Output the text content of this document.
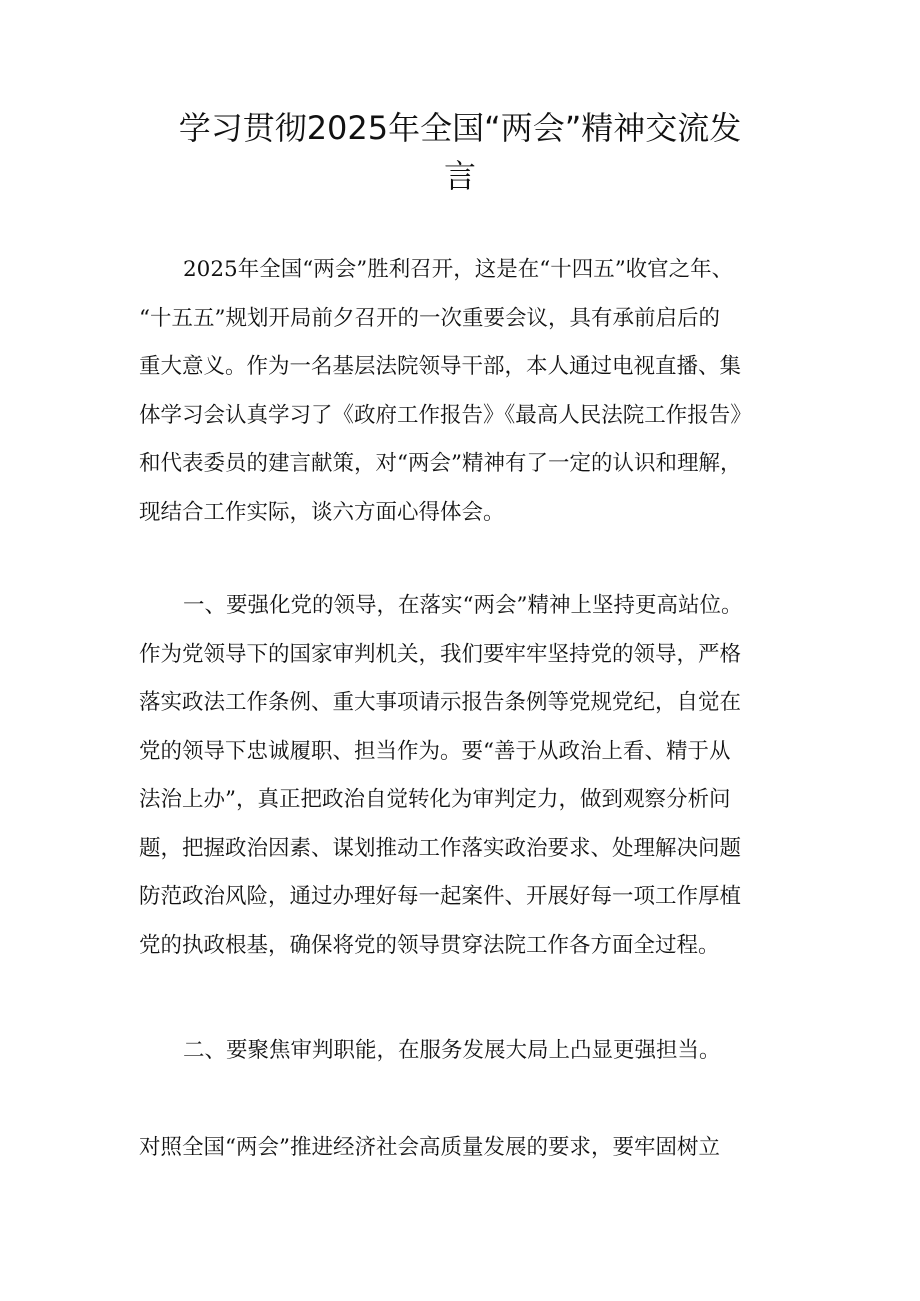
学习贯彻2025年全国“两会”精神交流发
言
2025年全国“两会”胜利召开，这是在“十四五”收官之年、
“十五五”规划开局前夕召开的一次重要会议，具有承前启后的
重大意义。作为一名基层法院领导干部，本人通过电视直播、集
体学习会认真学习了《政府工作报告》《最高人民法院工作报告》
和代表委员的建言献策，对“两会”精神有了一定的认识和理解，
现结合工作实际，谈六方面心得体会。
一、要强化党的领导，在落实“两会”精神上坚持更高站位。
作为党领导下的国家审判机关，我们要牢牢坚持党的领导，严格
落实政法工作条例、重大事项请示报告条例等党规党纪，自觉在
党的领导下忠诚履职、担当作为。要“善于从政治上看、精于从
法治上办”，真正把政治自觉转化为审判定力，做到观察分析问
题，把握政治因素、谋划推动工作落实政治要求、处理解决问题
防范政治风险，通过办理好每一起案件、开展好每一项工作厚植
党的执政根基，确保将党的领导贯穿法院工作各方面全过程。
二、要聚焦审判职能，在服务发展大局上凸显更强担当。
对照全国“两会”推进经济社会高质量发展的要求，要牢固树立
